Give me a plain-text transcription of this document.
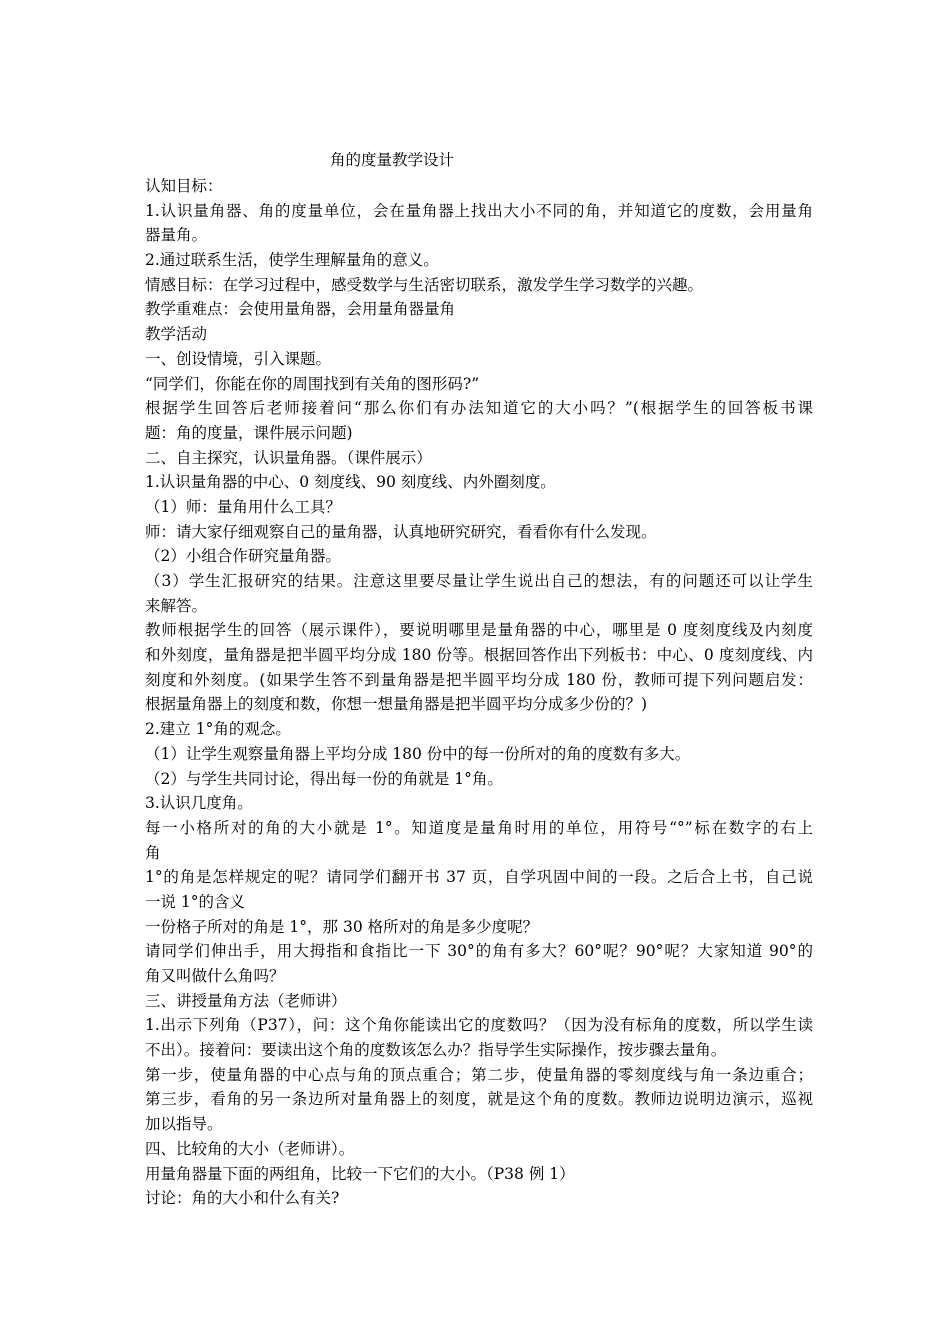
角的度量教学设计
认知目标：
1.认识量角器、角的度量单位，会在量角器上找出大小不同的角，并知道它的度数，会用量角
器量角。
2.通过联系生活，使学生理解量角的意义。
情感目标：在学习过程中，感受数学与生活密切联系，激发学生学习数学的兴趣。
教学重难点：会使用量角器，会用量角器量角
教学活动
一、创设情境，引入课题。
“同学们，你能在你的周围找到有关角的图形码?”
根据学生回答后老师接着问“那么你们有办法知道它的大小吗？”(根据学生的回答板书课
题：角的度量，课件展示问题)
二、自主探究，认识量角器。（课件展示）
1.认识量角器的中心、0 刻度线、90 刻度线、内外圈刻度。
（1）师：量角用什么工具？
师：请大家仔细观察自己的量角器，认真地研究研究，看看你有什么发现。
（2）小组合作研究量角器。
（3）学生汇报研究的结果。注意这里要尽量让学生说出自己的想法，有的问题还可以让学生
来解答。
教师根据学生的回答（展示课件），要说明哪里是量角器的中心，哪里是 0 度刻度线及内刻度
和外刻度，量角器是把半圆平均分成 180 份等。根据回答作出下列板书：中心、0 度刻度线、内
刻度和外刻度。(如果学生答不到量角器是把半圆平均分成 180 份，教师可提下列问题启发：
根据量角器上的刻度和数，你想一想量角器是把半圆平均分成多少份的？)
2.建立 1°角的观念。
（1）让学生观察量角器上平均分成 180 份中的每一份所对的角的度数有多大。
（2）与学生共同讨论，得出每一份的角就是 1°角。
3.认识几度角。
每一小格所对的角的大小就是 1°。知道度是量角时用的单位，用符号“°”标在数字的右上
角
1°的角是怎样规定的呢？请同学们翻开书 37 页，自学巩固中间的一段。之后合上书，自己说
一说 1°的含义
一份格子所对的角是 1°，那 30 格所对的角是多少度呢？
请同学们伸出手，用大拇指和食指比一下 30°的角有多大？60°呢？90°呢？大家知道 90°的
角又叫做什么角吗？
三、讲授量角方法（老师讲）
1.出示下列角（P37），问：这个角你能读出它的度数吗？（因为没有标角的度数，所以学生读
不出）。接着问：要读出这个角的度数该怎么办？指导学生实际操作，按步骤去量角。
第一步，使量角器的中心点与角的顶点重合；第二步，使量角器的零刻度线与角一条边重合；
第三步，看角的另一条边所对量角器上的刻度，就是这个角的度数。教师边说明边演示，巡视
加以指导。
四、比较角的大小（老师讲）。
用量角器量下面的两组角，比较一下它们的大小。（P38 例 1）
讨论：角的大小和什么有关?
